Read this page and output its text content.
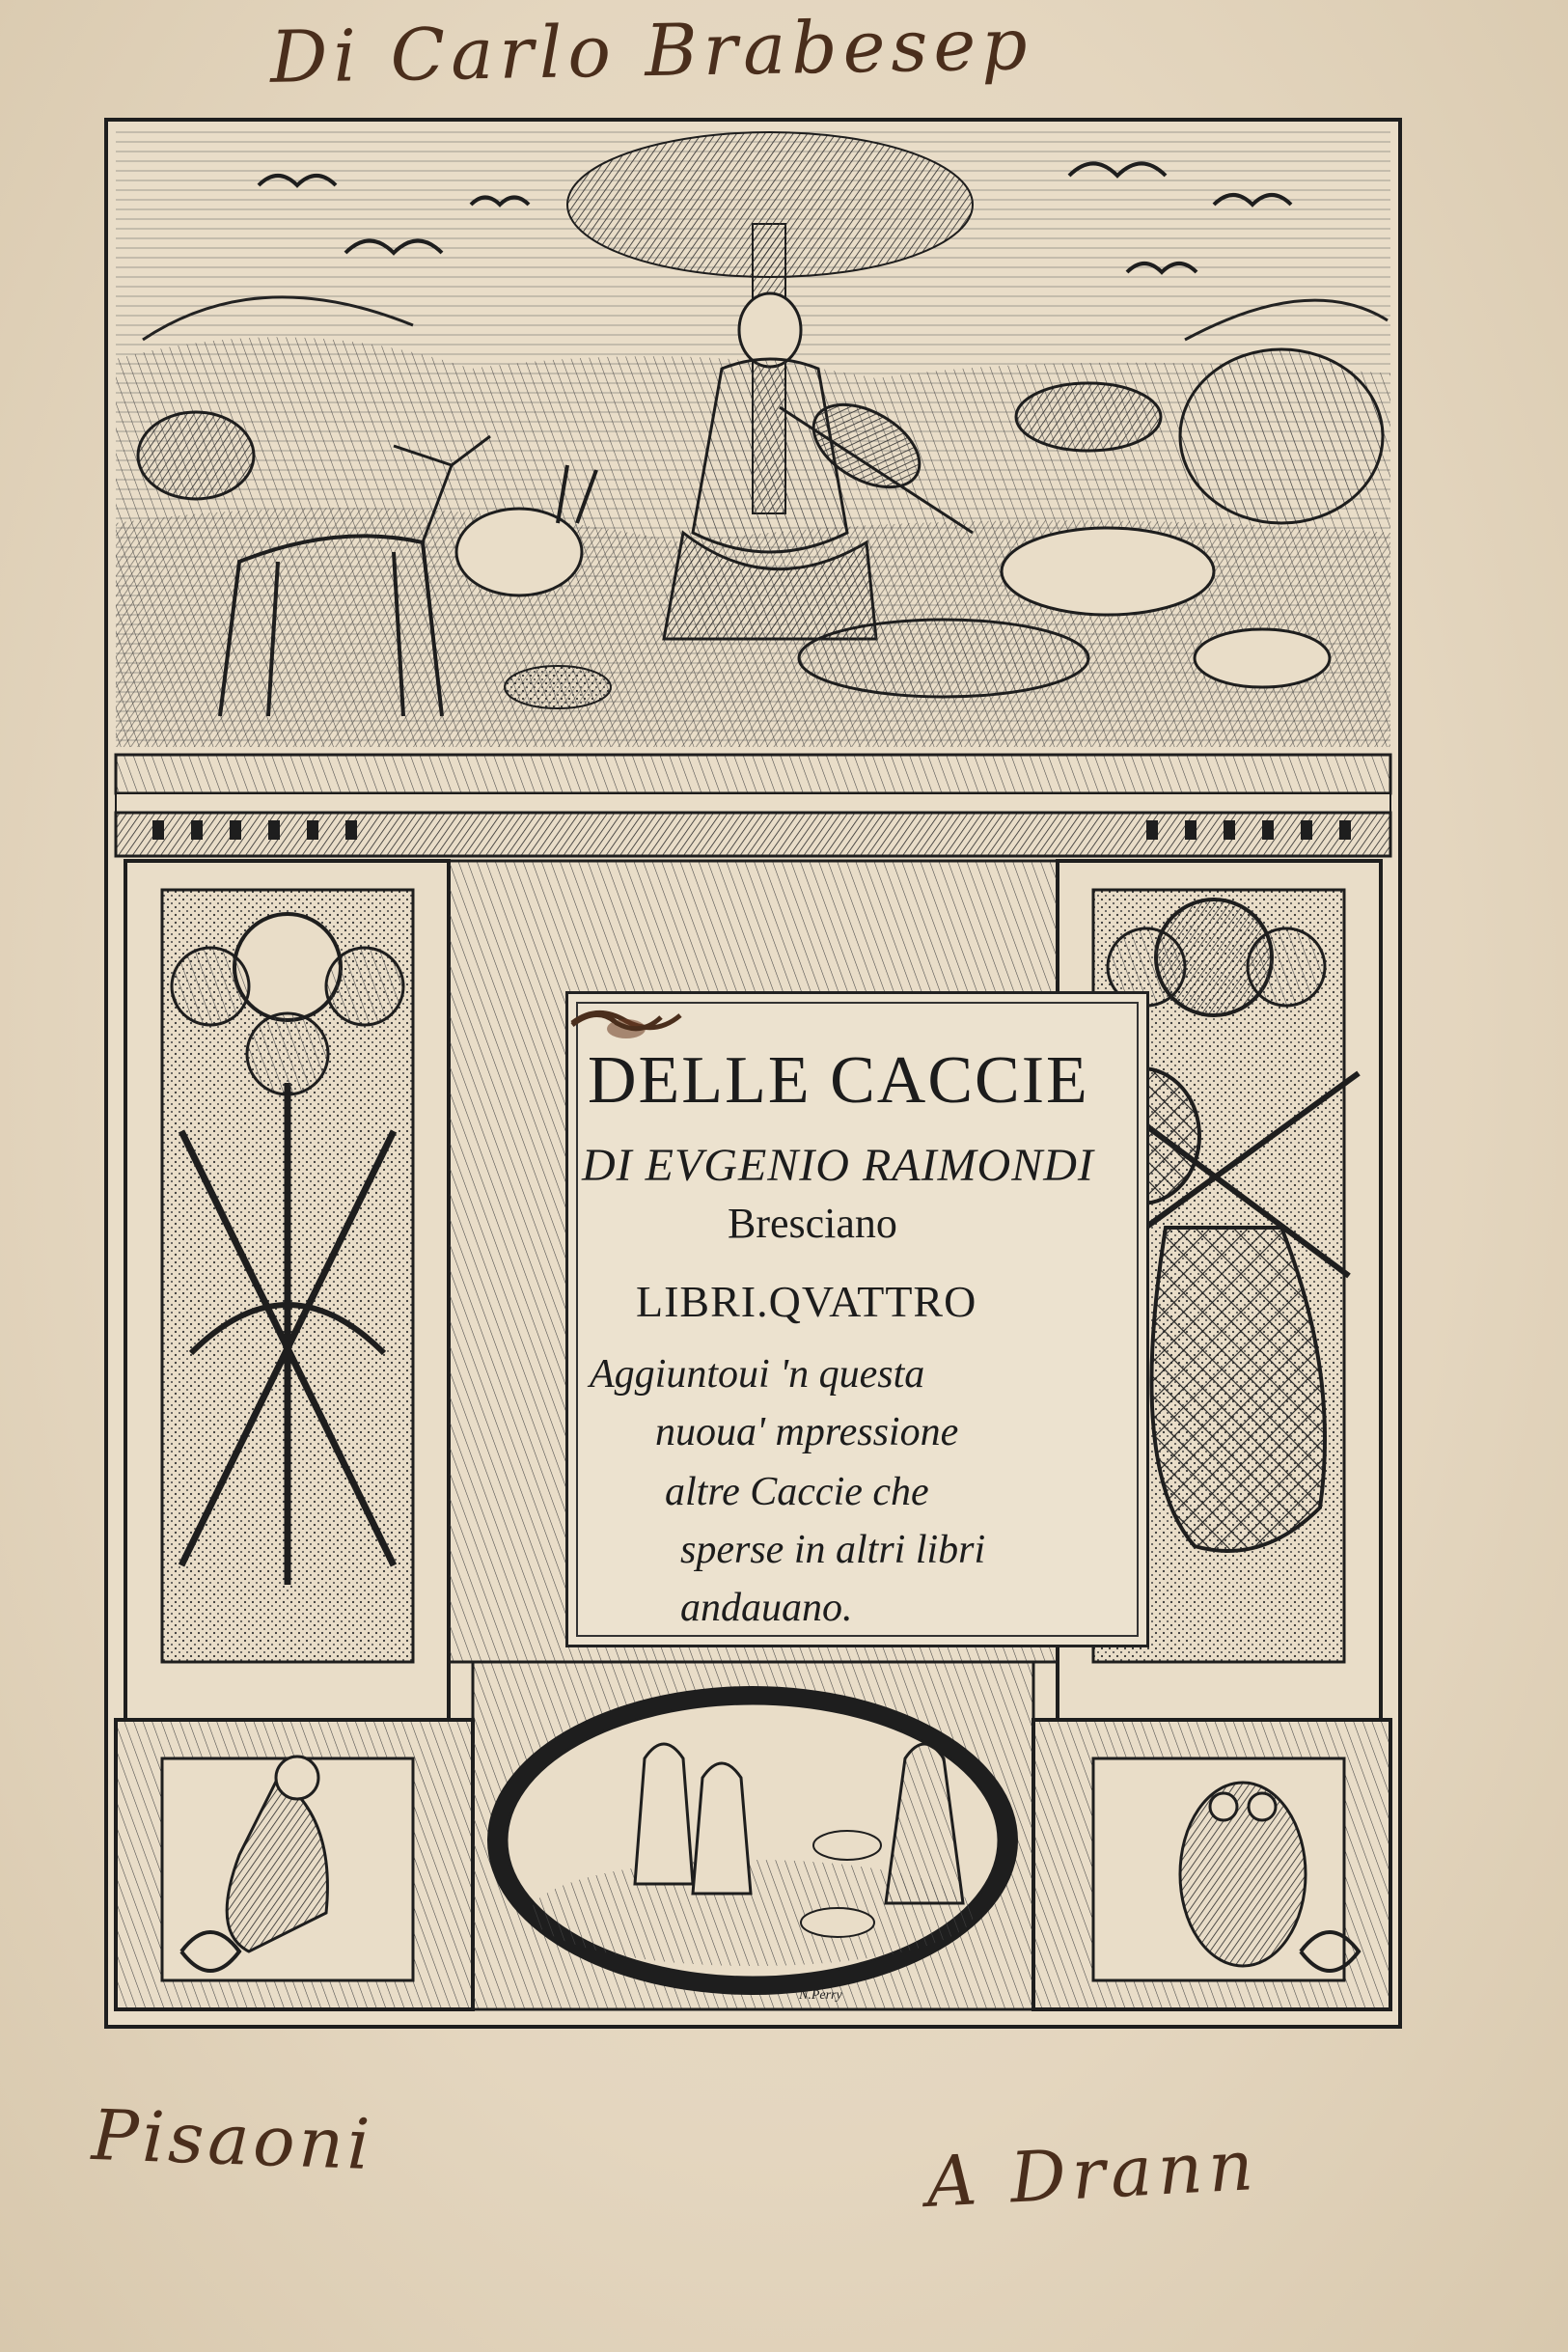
Di Carlo Brabesep
DELLE CACCIE
DI EVGENIO RAIMONDI
Bresciano
LIBRI.QVATTRO
Aggiuntoui 'n questa
nuoua' mpressione
altre Caccie che
sperse in altri libri
andauano.
N.Perry
Pisaoni	A Drann
